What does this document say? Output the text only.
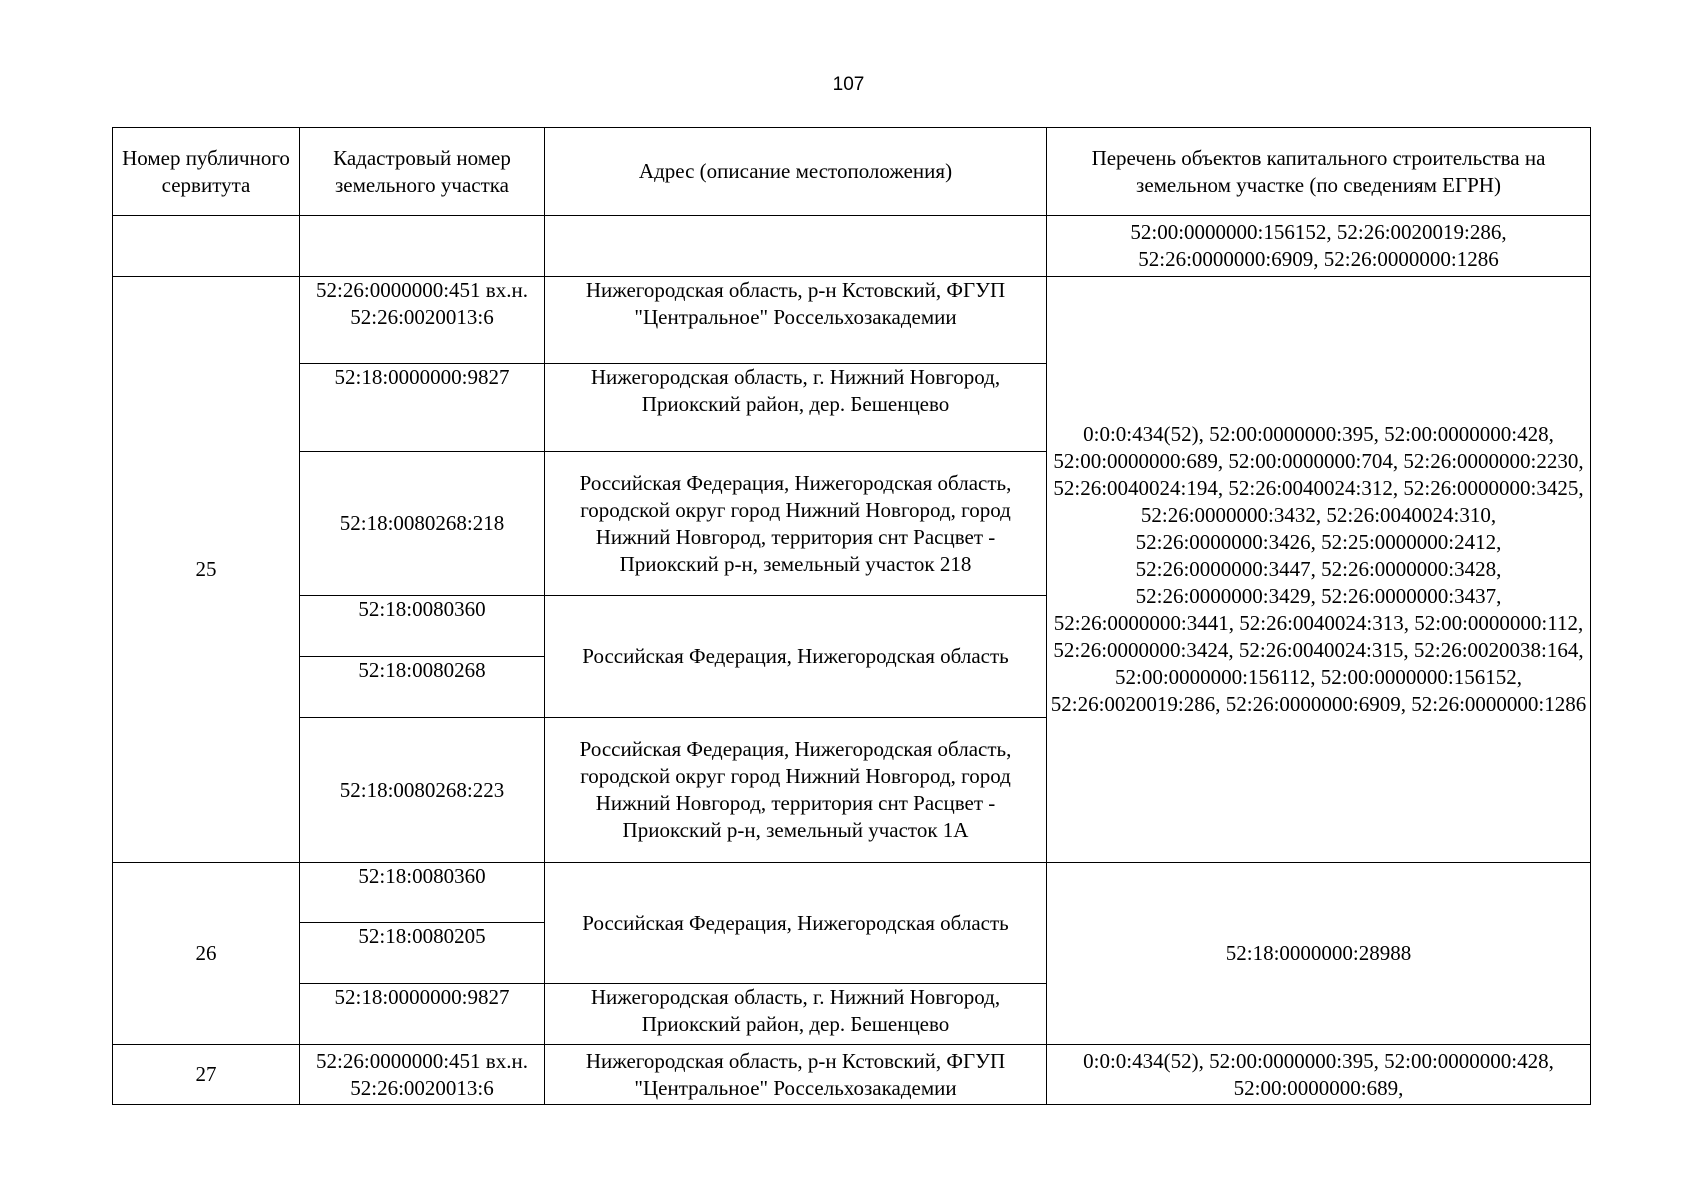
107
Номер публичного сервитута	Кадастровый номер земельного участка	Адрес (описание местоположения)	Перечень объектов капитального строительства на земельном участке (по сведениям ЕГРН)
			52:00:0000000:156152, 52:26:0020019:286, 52:26:0000000:6909, 52:26:0000000:1286
25	52:26:0000000:451 вх.н. 52:26:0020013:6	Нижегородская область, р-н Кстовский, ФГУП "Центральное" Россельхозакадемии	0:0:0:434(52), 52:00:0000000:395, 52:00:0000000:428, 52:00:0000000:689, 52:00:0000000:704, 52:26:0000000:2230, 52:26:0040024:194, 52:26:0040024:312, 52:26:0000000:3425, 52:26:0000000:3432, 52:26:0040024:310, 52:26:0000000:3426, 52:25:0000000:2412, 52:26:0000000:3447, 52:26:0000000:3428, 52:26:0000000:3429, 52:26:0000000:3437, 52:26:0000000:3441, 52:26:0040024:313, 52:00:0000000:112, 52:26:0000000:3424, 52:26:0040024:315, 52:26:0020038:164, 52:00:0000000:156112, 52:00:0000000:156152, 52:26:0020019:286, 52:26:0000000:6909, 52:26:0000000:1286
	52:18:0000000:9827	Нижегородская область, г. Нижний Новгород, Приокский район, дер. Бешенцево	
	52:18:0080268:218	Российская Федерация, Нижегородская область, городской округ город Нижний Новгород, город Нижний Новгород, территория снт Расцвет - Приокский р-н, земельный участок 218	
	52:18:0080360	Российская Федерация, Нижегородская область	
	52:18:0080268		
	52:18:0080268:223	Российская Федерация, Нижегородская область, городской округ город Нижний Новгород, город Нижний Новгород, территория снт Расцвет - Приокский р-н, земельный участок 1А	
26	52:18:0080360	Российская Федерация, Нижегородская область	52:18:0000000:28988
	52:18:0080205		
	52:18:0000000:9827	Нижегородская область, г. Нижний Новгород, Приокский район, дер. Бешенцево	
27	52:26:0000000:451 вх.н. 52:26:0020013:6	Нижегородская область, р-н Кстовский, ФГУП "Центральное" Россельхозакадемии	0:0:0:434(52), 52:00:0000000:395, 52:00:0000000:428, 52:00:0000000:689,
